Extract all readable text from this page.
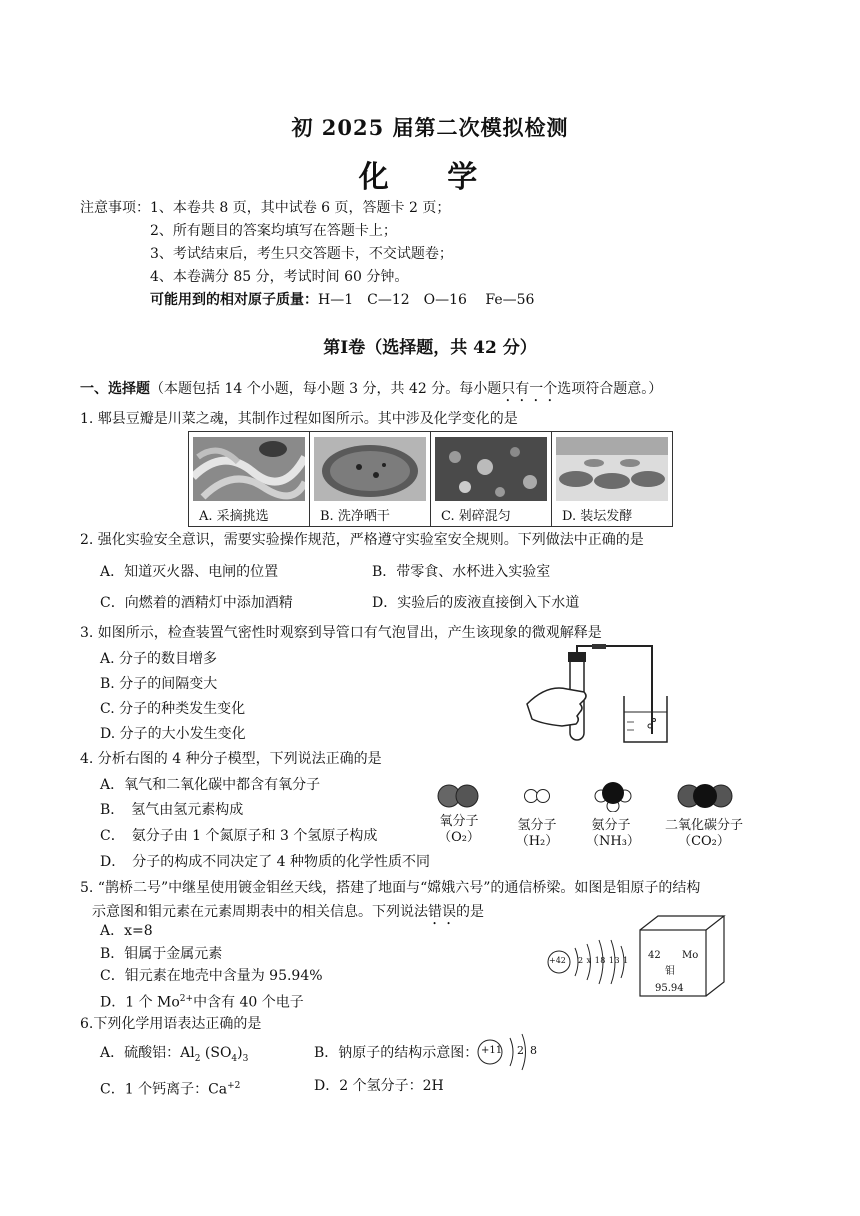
初 2025 届第二次模拟检测
化 学
注意事项： 1、本卷共 8 页，其中试卷 6 页，答题卡 2 页；
2、所有题目的答案均填写在答题卡上；
3、考试结束后，考生只交答题卡，不交试题卷；
4、本卷满分 85 分，考试时间 60 分钟。
可能用到的相对原子质量：H—1　C—12　O—16　 Fe—56
第Ⅰ卷（选择题，共 42 分）
一、选择题（本题包括 14 个小题，每小题 3 分，共 42 分。每小题只有一个选项符合题意。）
1. 郫县豆瓣是川菜之魂，其制作过程如图所示。其中涉及化学变化的是
A. 采摘挑选	B. 洗净晒干	C. 剁碎混匀	D. 装坛发酵
2. 强化实验安全意识，需要实验操作规范，严格遵守实验室安全规则。下列做法中正确的是
A．知道灭火器、电闸的位置	B．带零食、水杯进入实验室
C．向燃着的酒精灯中添加酒精	D．实验后的废液直接倒入下水道
3. 如图所示，检查装置气密性时观察到导管口有气泡冒出，产生该现象的微观解释是
A. 分子的数目增多
B. 分子的间隔变大
C. 分子的种类发生变化
D. 分子的大小发生变化
4. 分析右图的 4 种分子模型，下列说法正确的是
A．氧气和二氧化碳中都含有氧分子
B．　氢气由氢元素构成
C．　氨分子由 1 个氮原子和 3 个氢原子构成
D．　分子的构成不同决定了 4 种物质的化学性质不同
氧分子
（O₂）
氢分子
（H₂）
氨分子
（NH₃）
二氧化碳分子
（CO₂）
5. “鹊桥二号”中继星使用镀金钼丝天线，搭建了地面与“嫦娥六号”的通信桥梁。如图是钼原子的结构
示意图和钼元素在元素周期表中的相关信息。下列说法错误的是
A．x=8
B．钼属于金属元素
C．钼元素在地壳中含量为 95.94%
D．1 个 $Mo^{2+}$中含有 40 个电子
+42 2 x 18 13 1 42 Mo
钼
95.94
6.下列化学用语表达正确的是
A．硫酸铝：$Al_2$ $(SO_4)_3$	B．钠原子的结构示意图： +11 2 8
C．1 个钙离子：$Ca^{+2}$	D．2 个氢分子：2H
